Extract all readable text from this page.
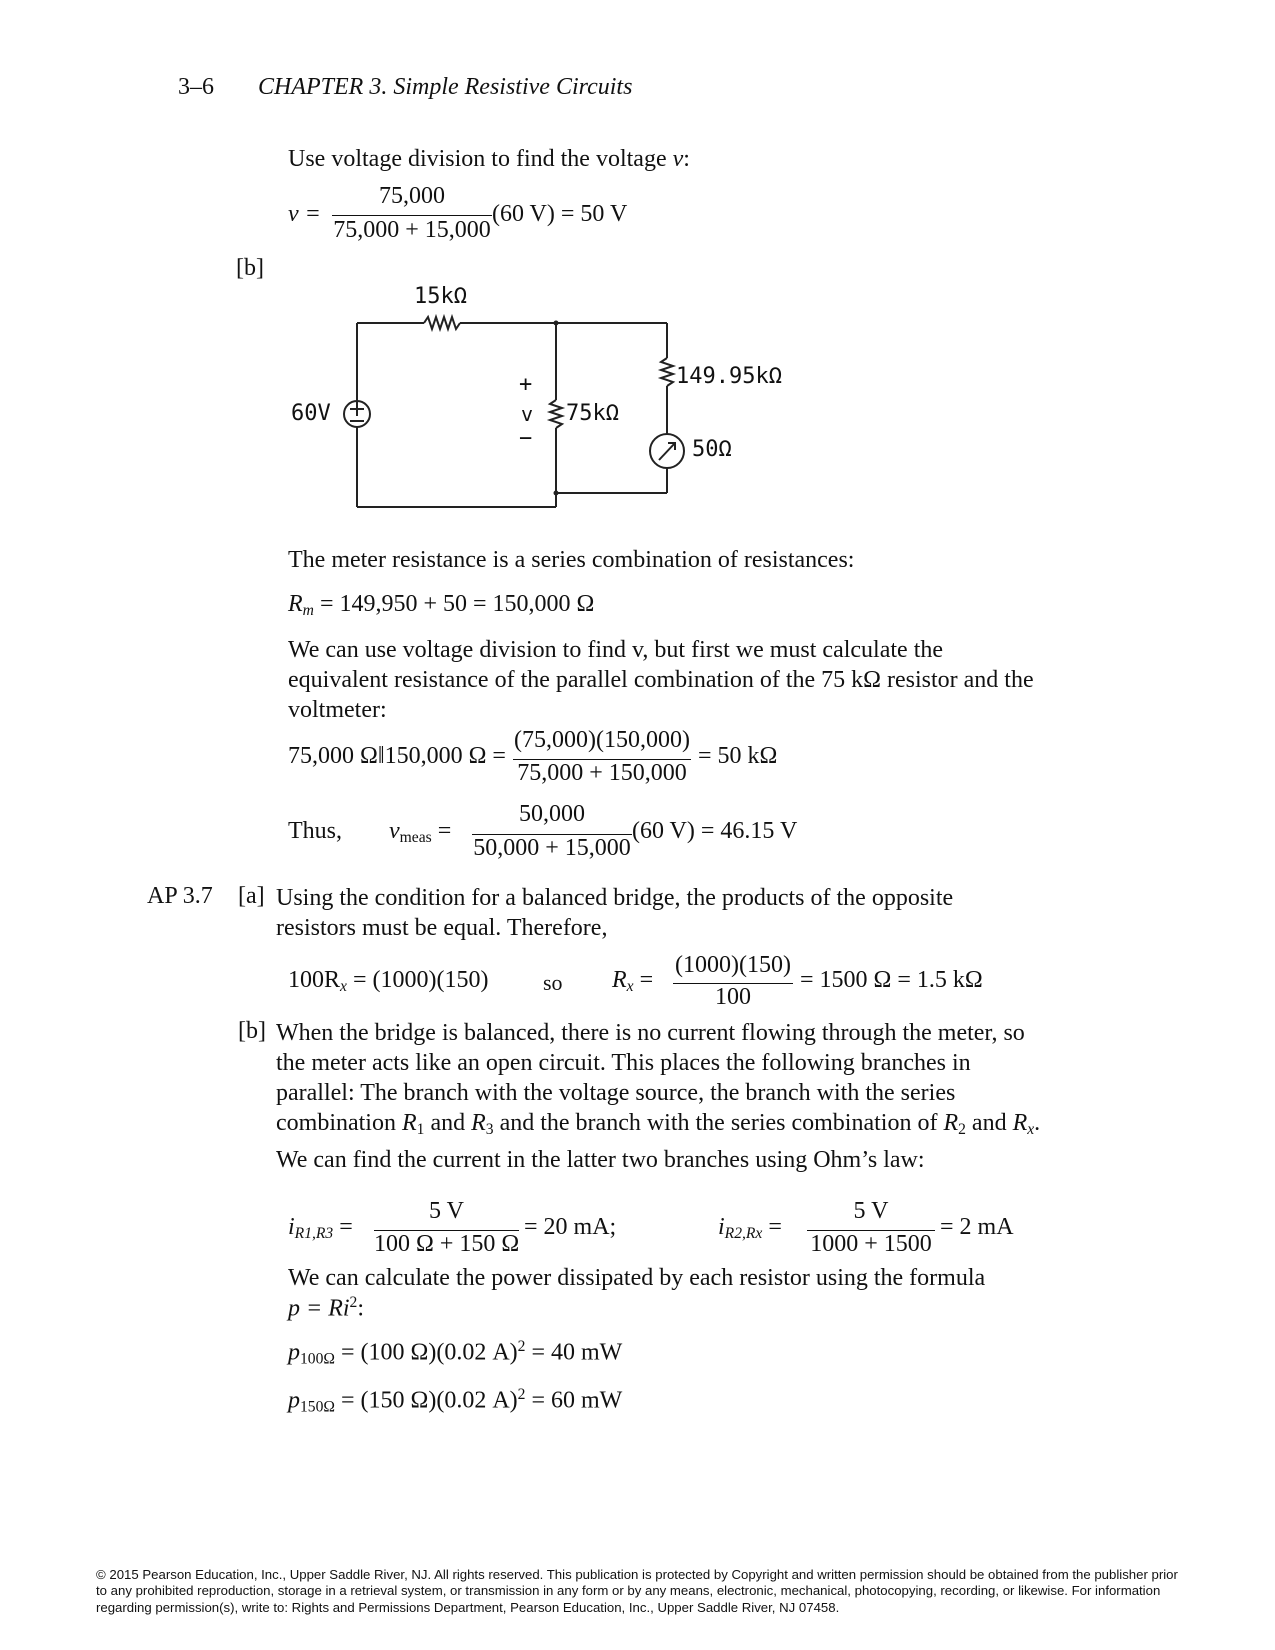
3–6 CHAPTER 3. Simple Resistive Circuits
Use voltage division to find the voltage v:
v =
75,000
75,000 + 15,000
(60 V) = 50 V
[b]
15kΩ
60V
+
v
−
75kΩ
149.95kΩ
50Ω
The meter resistance is a series combination of resistances:
$R_m = 149,950 + 50 = 150,000$ Ω
We can use voltage division to find v, but first we must calculate the equivalent resistance of the parallel combination of the 75 kΩ resistor and the voltmeter:
75,000 Ω‖150,000 Ω =
(75,000)(150,000)
75,000 + 150,000
= 50 kΩ
Thus, $v_{meas}$ =
50,000
50,000 + 15,000
(60 V) = 46.15 V
AP 3.7 [a] Using the condition for a balanced bridge, the products of the opposite resistors must be equal. Therefore,
$100R_x = (1000)(150)$ so $R_x$ =
(1000)(150)
100
= 1500 Ω = 1.5 kΩ
[b] When the bridge is balanced, there is no current flowing through the meter, so the meter acts like an open circuit. This places the following branches in parallel: The branch with the voltage source, the branch with the series combination $R_1$ and $R_3$ and the branch with the series combination of $R_2$ and $R_x$. We can find the current in the latter two branches using Ohm’s law:
$i_{R1,R3}$ =
5 V
100 Ω + 150 Ω
= 20 mA;	$i_{R2,Rx}$ =
5 V
1000 + 1500
= 2 mA
We can calculate the power dissipated by each resistor using the formula
$p = Ri^2$:
$p_{100\Omega} = (100$ Ω)(0.02 A)$^2$ = 40 mW
$p_{150\Omega} = (150$ Ω)(0.02 A)$^2$ = 60 mW
© 2015 Pearson Education, Inc., Upper Saddle River, NJ. All rights reserved. This publication is protected by Copyright and written permission should be obtained from the publisher prior to any prohibited reproduction, storage in a retrieval system, or transmission in any form or by any means, electronic, mechanical, photocopying, recording, or likewise. For information regarding permission(s), write to: Rights and Permissions Department, Pearson Education, Inc., Upper Saddle River, NJ 07458.
